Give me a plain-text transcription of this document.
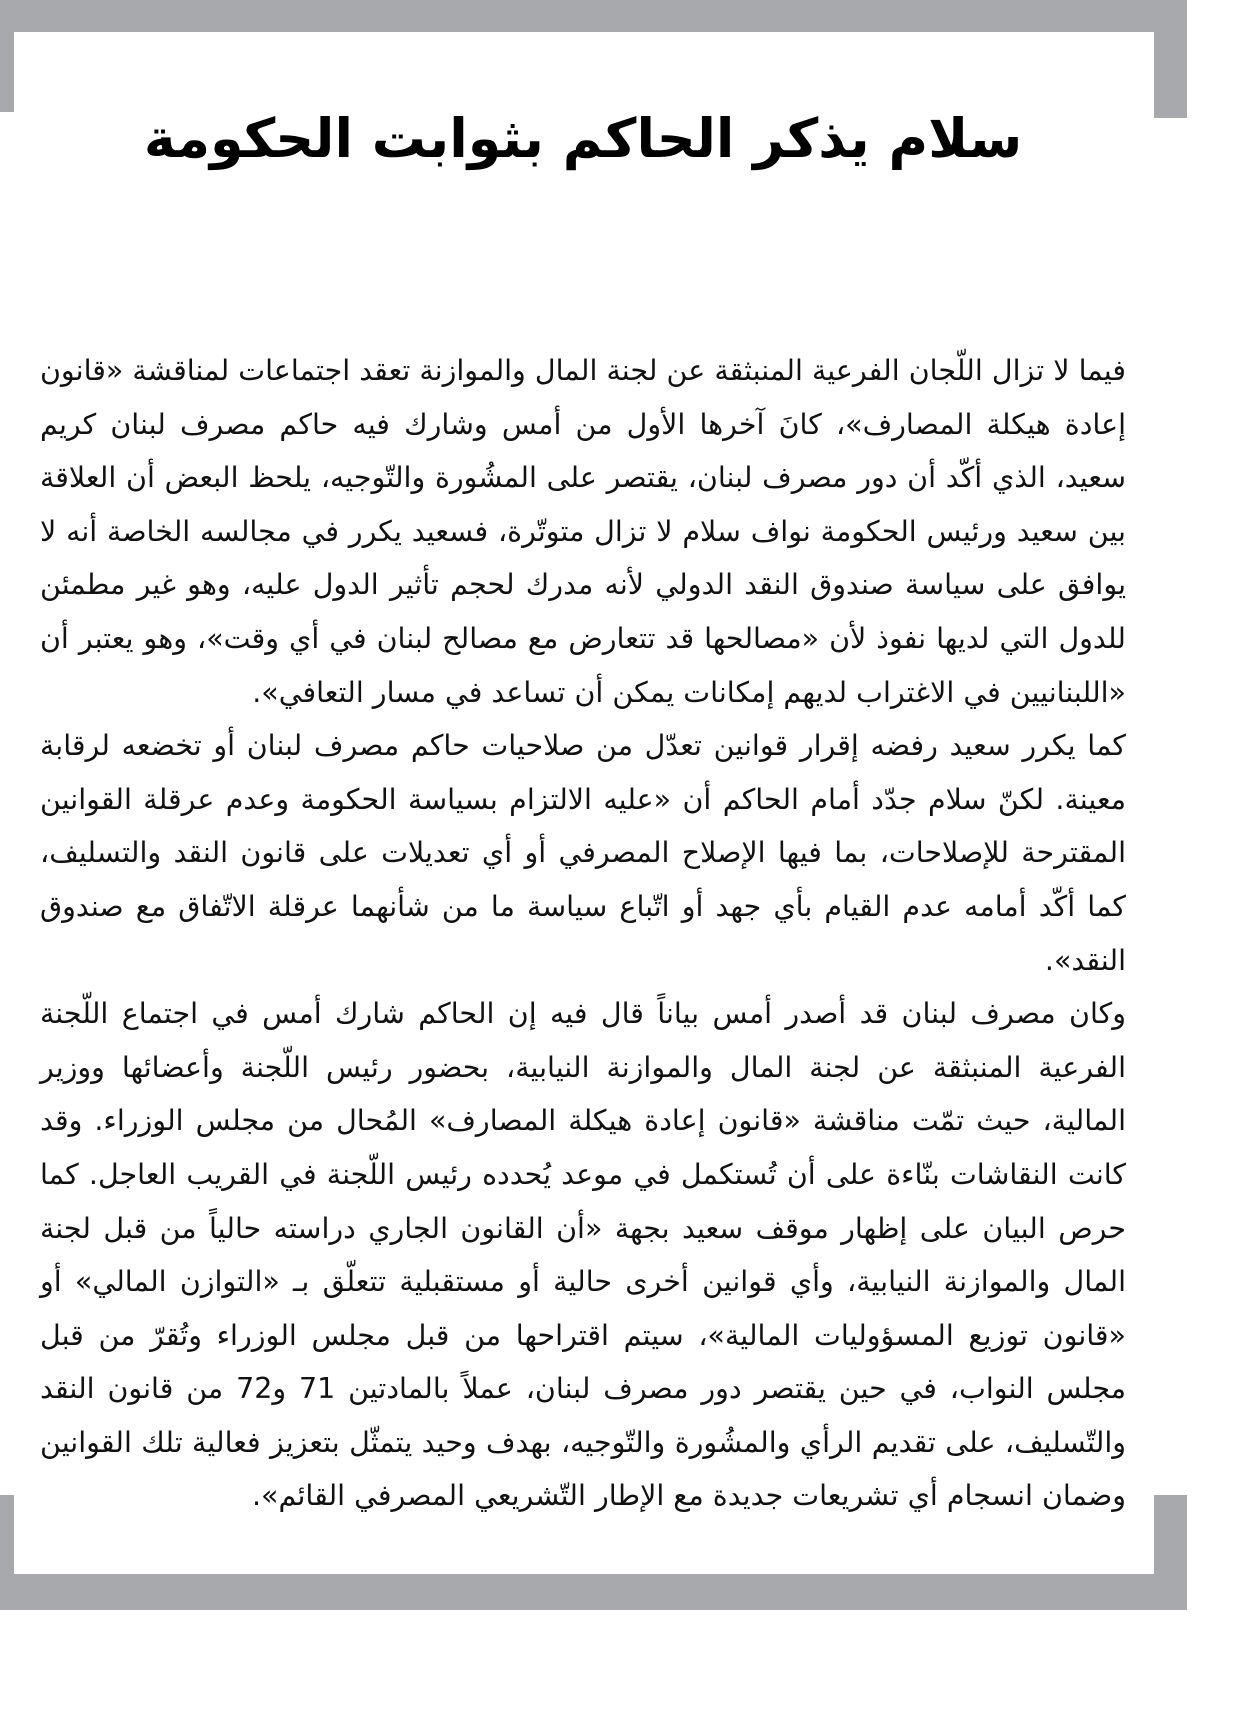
سلام يذكر الحاكم بثوابت الحكومة

فيما لا تزال اللّجان الفرعية المنبثقة عن لجنة المال والموازنة تعقد اجتماعات لمناقشة «قانون إعادة هيكلة المصارف»، كانَ آخرها الأول من أمس وشارك فيه حاكم مصرف لبنان كريم سعيد، الذي أكّد أن دور مصرف لبنان، يقتصر على المشُورة والتّوجيه، يلحظ البعض أن العلاقة بين سعيد ورئيس الحكومة نواف سلام لا تزال متوتّرة، فسعيد يكرر في مجالسه الخاصة أنه لا يوافق على سياسة صندوق النقد الدولي لأنه مدرك لحجم تأثير الدول عليه، وهو غير مطمئن للدول التي لديها نفوذ لأن «مصالحها قد تتعارض مع مصالح لبنان في أي وقت»، وهو يعتبر أن «اللبنانيين في الاغتراب لديهم إمكانات يمكن أن تساعد في مسار التعافي».

كما يكرر سعيد رفضه إقرار قوانين تعدّل من صلاحيات حاكم مصرف لبنان أو تخضعه لرقابة معينة. لكنّ سلام جدّد أمام الحاكم أن «عليه الالتزام بسياسة الحكومة وعدم عرقلة القوانين المقترحة للإصلاحات، بما فيها الإصلاح المصرفي أو أي تعديلات على قانون النقد والتسليف، كما أكّد أمامه عدم القيام بأي جهد أو اتّباع سياسة ما من شأنهما عرقلة الاتّفاق مع صندوق النقد».

وكان مصرف لبنان قد أصدر أمس بياناً قال فيه إن الحاكم شارك أمس في اجتماع اللّجنة الفرعية المنبثقة عن لجنة المال والموازنة النيابية، بحضور رئيس اللّجنة وأعضائها ووزير المالية، حيث تمّت مناقشة «قانون إعادة هيكلة المصارف» المُحال من مجلس الوزراء. وقد كانت النقاشات بنّاءة على أن تُستكمل في موعد يُحدده رئيس اللّجنة في القريب العاجل. كما حرص البيان على إظهار موقف سعيد بجهة «أن القانون الجاري دراسته حالياً من قبل لجنة المال والموازنة النيابية، وأي قوانين أخرى حالية أو مستقبلية تتعلّق بـ «التوازن المالي» أو «قانون توزيع المسؤوليات المالية»، سيتم اقتراحها من قبل مجلس الوزراء وتُقرّ من قبل مجلس النواب، في حين يقتصر دور مصرف لبنان، عملاً بالمادتين 71 و72 من قانون النقد والتّسليف، على تقديم الرأي والمشُورة والتّوجيه، بهدف وحيد يتمثّل بتعزيز فعالية تلك القوانين وضمان انسجام أي تشريعات جديدة مع الإطار التّشريعي المصرفي القائم».
